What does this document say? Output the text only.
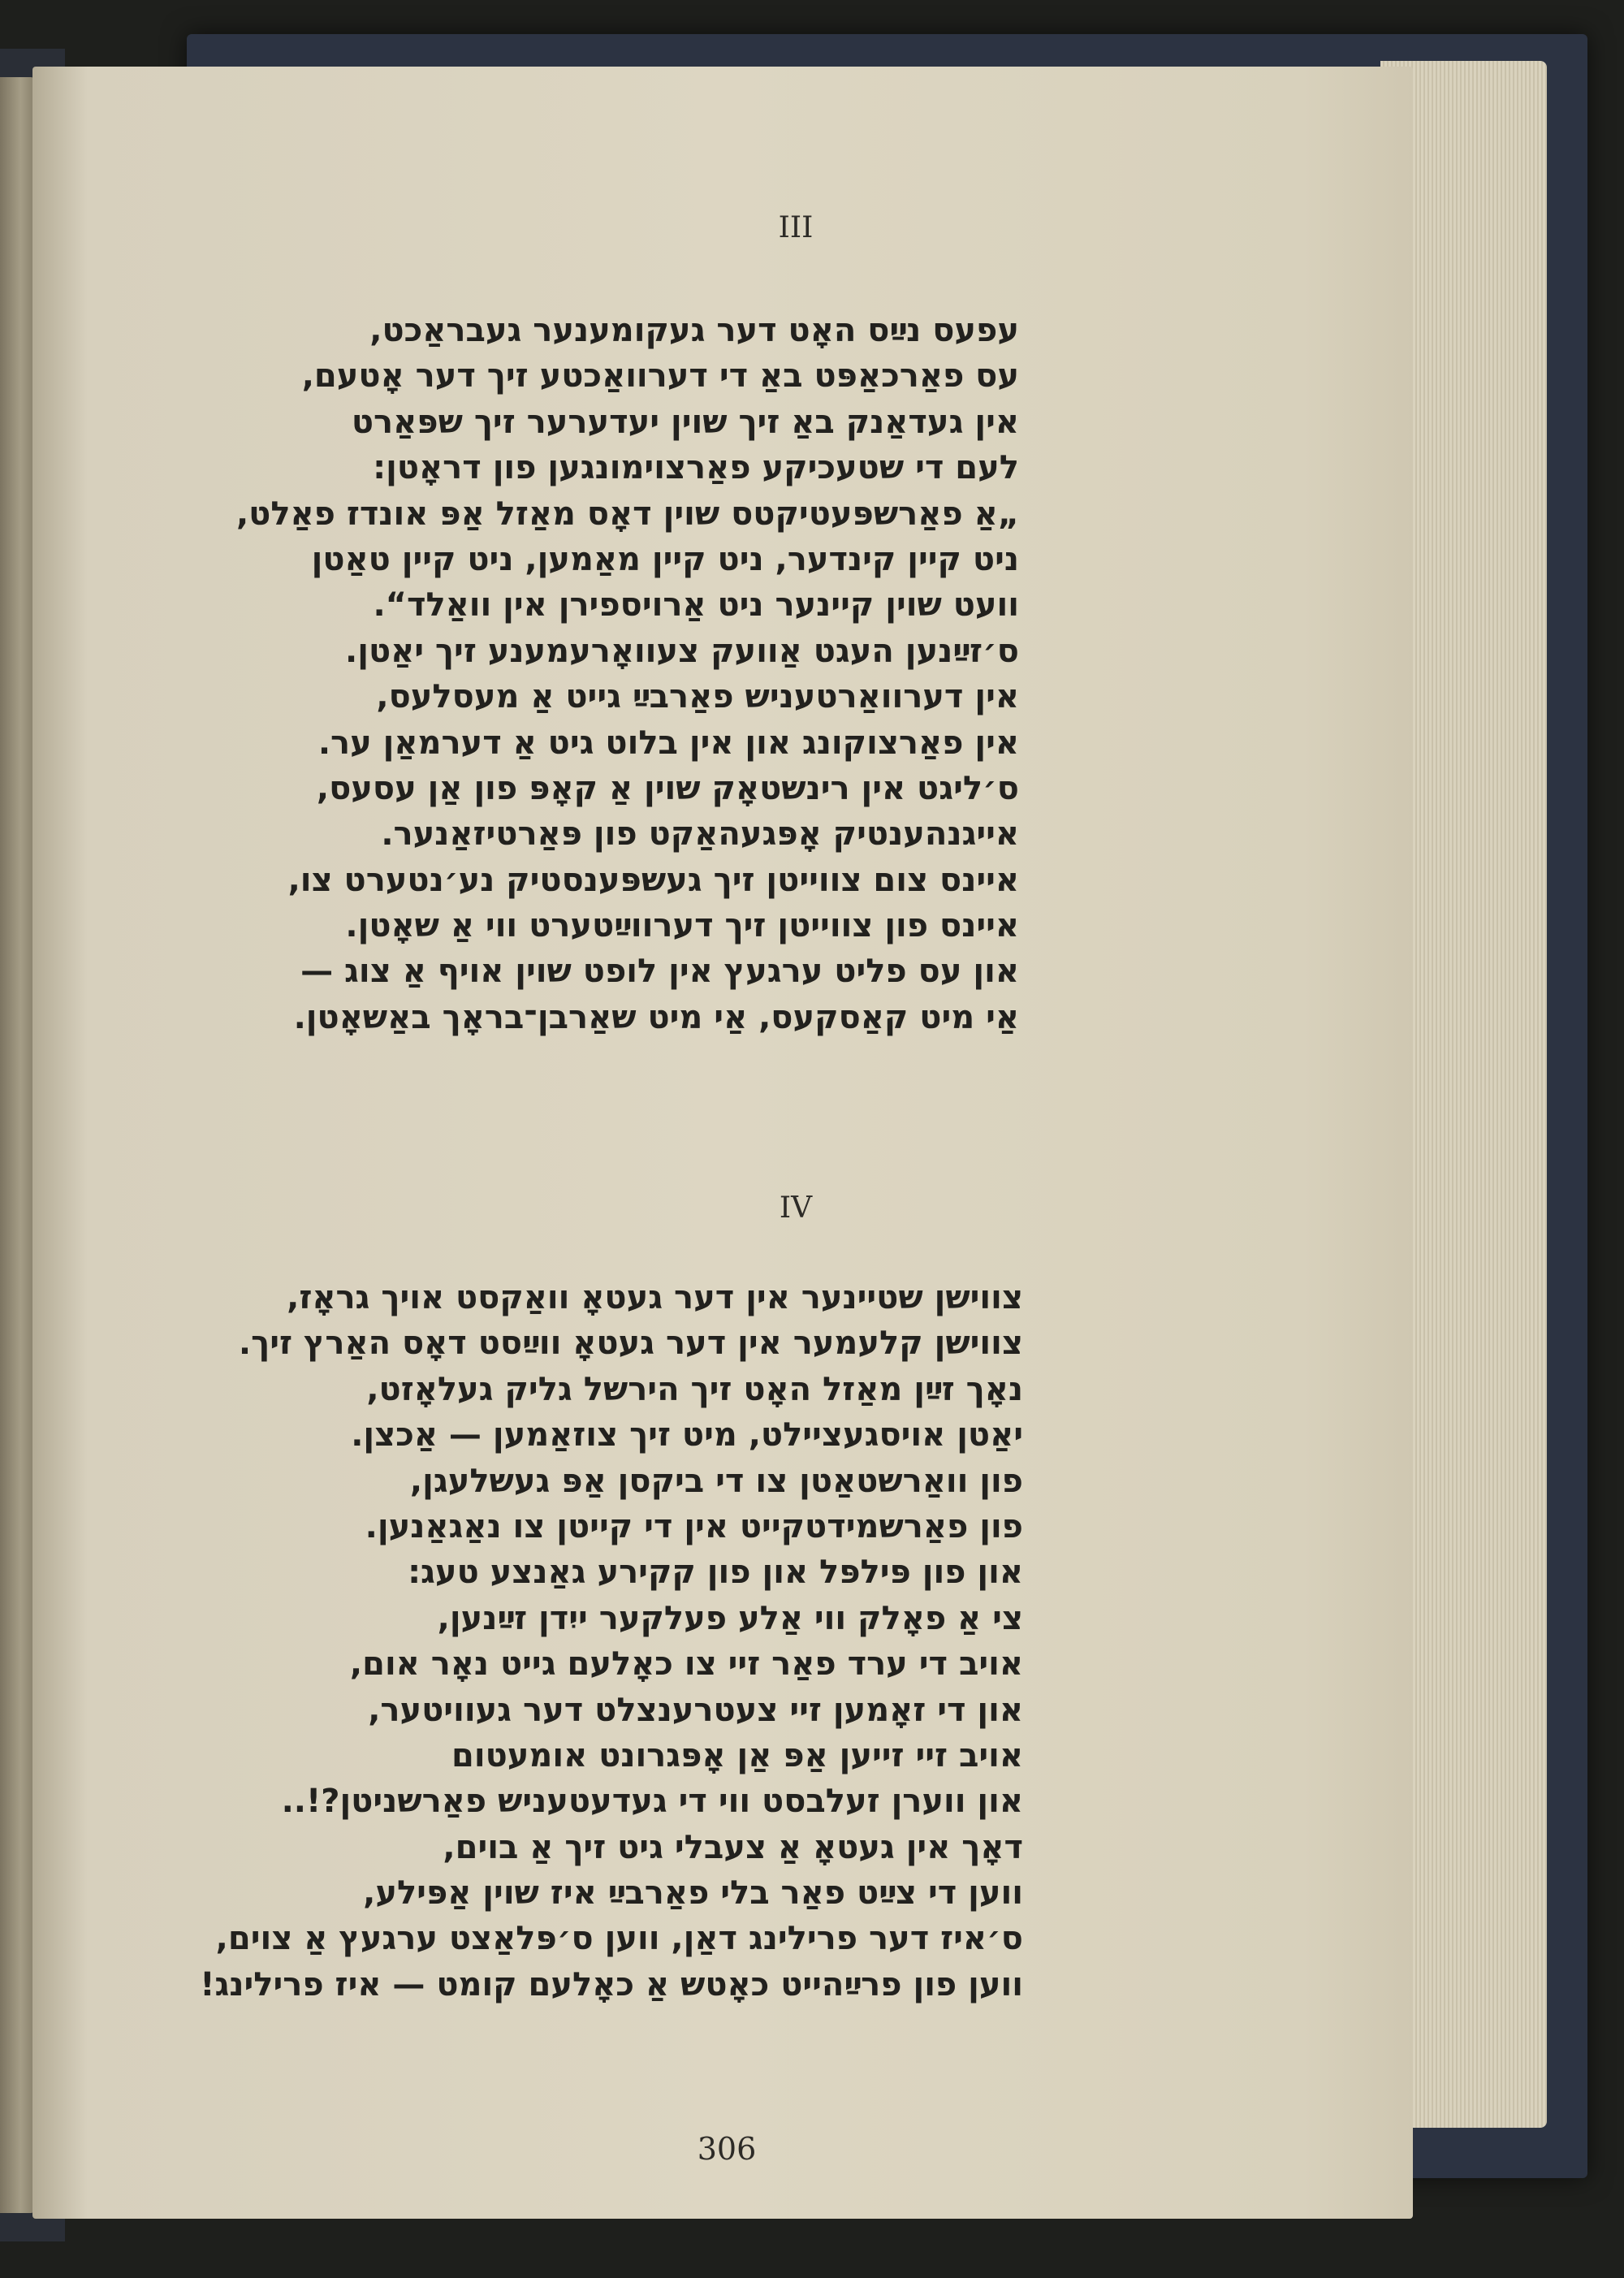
III
עפעס נײַס האָט דער געקומענער געבראַכט,
עס פאַרכאַפּט באַ די דערוואַכטע זיך דער אָטעם,
אין געדאַנק באַ זיך שוין יעדערער זיך שפּאַרט
לעם די שטעכיקע פאַרצוימונגען פון דראָטן:
„אַ פאַרשפּעטיקטס שוין דאָס מאַזל אַפּ אונדז פאַלט,
ניט קיין קינדער, ניט קיין מאַמען, ניט קיין טאַטן
וועט שוין קיינער ניט אַרויספירן אין וואַלד“.
ס׳זײַנען העגט אַוועק צעוואָרעמענע זיך יאַטן.
אין דערוואַרטעניש פאַרבײַ גייט אַ מעסלעס,
אין פאַרצוקונג און אין בלוט גיט אַ דערמאַן ער.
ס׳ליגט אין רינשטאָק שוין אַ קאָפּ פון אַן עסעס,
אייגנהענטיק אָפּגעהאַקט פון פּאַרטיזאַנער.
איינס צום צווייטן זיך געשפּענסטיק נע׳נטערט צו,
איינס פון צווייטן זיך דערווײַטערט ווי אַ שאָטן.
און עס פליט ערגעץ אין לופט שוין אויף אַ צוג —
אַי מיט קאַסקעס, אַי מיט שאַרבן־בראָך באַשאָטן.
IV
צווישן שטיינער אין דער געטאָ וואַקסט אויך גראָז,
צווישן קלעמער אין דער געטאָ ווײַסט דאָס האַרץ זיך.
נאָך זײַן מאַזל האָט זיך הירשל גליק געלאָזט,
יאַטן אויסגעציילט, מיט זיך צוזאַמען — אַכצן.
פון וואַרשטאַטן צו די ביקסן אַפּ געשלעגן,
פון פאַרשמידטקייט אין די קייטן צו נאַגאַנען.
און פון פּילפּל און פון קקירע גאַנצע טעג:
צי אַ פאָלק ווי אַלע פעלקער ייִדן זײַנען,
אויב די ערד פאַר זיי צו כאָלעם גייט נאָר אום,
און די זאָמען זיי צעטרענצלט דער געוויטער,
אויב זיי זייען אַפּ אַן אָפּגרונט אומעטום
און ווערן זעלבסט ווי די געדעטעניש פאַרשניטן?!..
דאָך אין געטאָ אַ צעבלי גיט זיך אַ בוים,
ווען די צײַט פאַר בלי פאַרבײַ איז שוין אַפּילע,
ס׳איז דער פרילינג דאַן, ווען ס׳פּלאַצט ערגעץ אַ צוים,
ווען פון פרײַהייט כאָטש אַ כאָלעם קומט — איז פרילינג!
306
